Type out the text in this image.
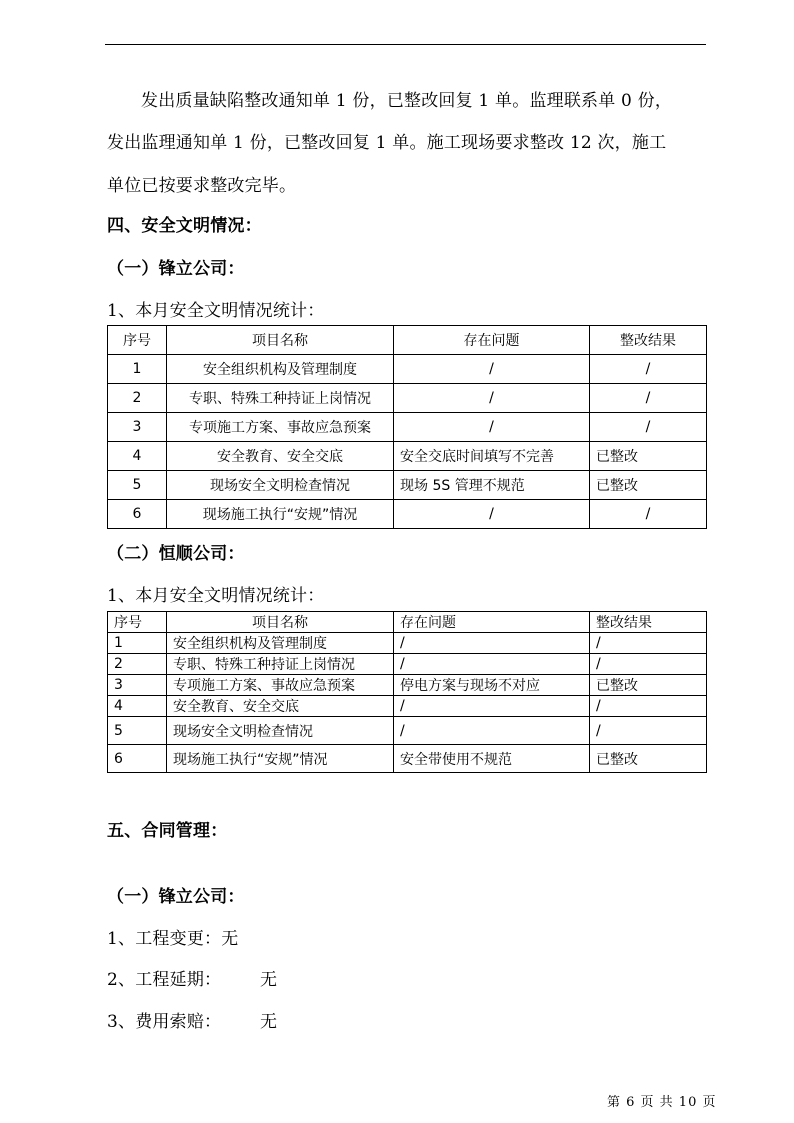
发出质量缺陷整改通知单 1 份，已整改回复 1 单。监理联系单 0 份，
发出监理通知单 1 份，已整改回复 1 单。施工现场要求整改 12 次，施工
单位已按要求整改完毕。
四、安全文明情况：
（一）锋立公司：
1、本月安全文明情况统计：
序号	项目名称	存在问题	整改结果
1	安全组织机构及管理制度	/	/
2	专职、特殊工种持证上岗情况	/	/
3	专项施工方案、事故应急预案	/	/
4	安全教育、安全交底	安全交底时间填写不完善	已整改
5	现场安全文明检查情况	现场 5S 管理不规范	已整改
6	现场施工执行“安规”情况	/	/
（二）恒顺公司：
1、本月安全文明情况统计：
序号	项目名称	存在问题	整改结果
1	安全组织机构及管理制度	/	/
2	专职、特殊工种持证上岗情况	/	/
3	专项施工方案、事故应急预案	停电方案与现场不对应	已整改
4	安全教育、安全交底	/	/
5	现场安全文明检查情况	/	/
6	现场施工执行“安规”情况	安全带使用不规范	已整改
五、合同管理：
（一）锋立公司：
1、工程变更：无
2、工程延期： 无
3、费用索赔： 无
第 6 页 共 10 页
